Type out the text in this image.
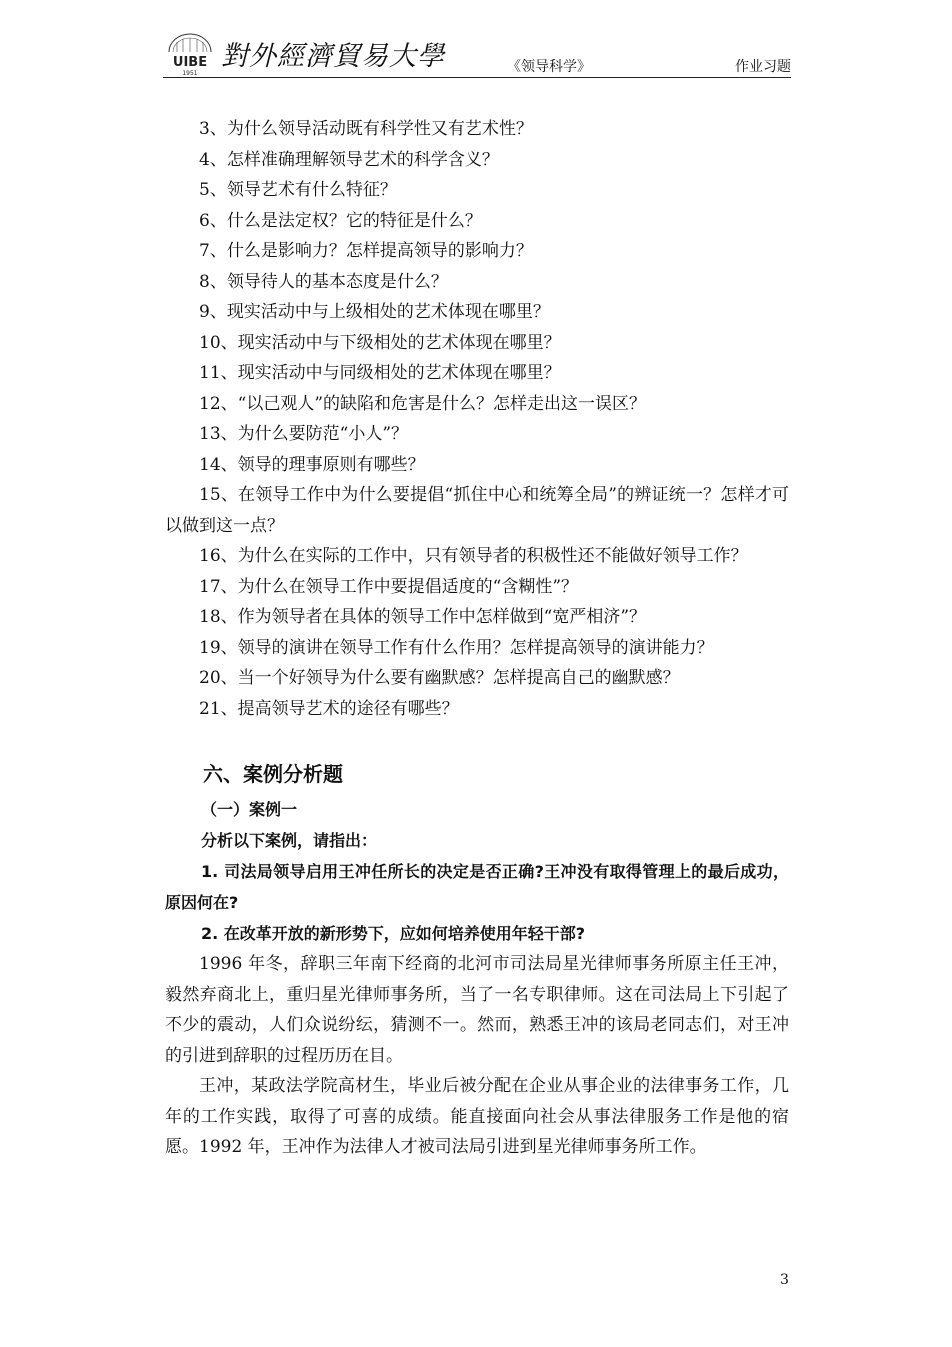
UIBE
1951
對外經濟貿易大學	《领导科学》	作业习题

3、为什么领导活动既有科学性又有艺术性？

4、怎样准确理解领导艺术的科学含义？

5、领导艺术有什么特征？

6、什么是法定权？它的特征是什么？

7、什么是影响力？怎样提高领导的影响力？

8、领导待人的基本态度是什么？

9、现实活动中与上级相处的艺术体现在哪里？

10、现实活动中与下级相处的艺术体现在哪里？

11、现实活动中与同级相处的艺术体现在哪里？

12、“以己观人”的缺陷和危害是什么？怎样走出这一误区？

13、为什么要防范“小人”？

14、领导的理事原则有哪些？

15、在领导工作中为什么要提倡“抓住中心和统筹全局”的辨证统一？怎样才可以做到这一点？

16、为什么在实际的工作中，只有领导者的积极性还不能做好领导工作？

17、为什么在领导工作中要提倡适度的“含糊性”？

18、作为领导者在具体的领导工作中怎样做到“宽严相济”？

19、领导的演讲在领导工作有什么作用？怎样提高领导的演讲能力？

20、当一个好领导为什么要有幽默感？怎样提高自己的幽默感？

21、提高领导艺术的途径有哪些？

六、案例分析题

（一）案例一

分析以下案例，请指出：

1. 司法局领导启用王冲任所长的决定是否正确?王冲没有取得管理上的最后成功，原因何在?

2. 在改革开放的新形势下，应如何培养使用年轻干部?

1996 年冬，辞职三年南下经商的北河市司法局星光律师事务所原主任王冲，毅然弃商北上，重归星光律师事务所，当了一名专职律师。这在司法局上下引起了不少的震动，人们众说纷纭，猜测不一。然而，熟悉王冲的该局老同志们，对王冲的引进到辞职的过程历历在目。

王冲，某政法学院高材生，毕业后被分配在企业从事企业的法律事务工作，几年的工作实践，取得了可喜的成绩。能直接面向社会从事法律服务工作是他的宿愿。1992 年，王冲作为法律人才被司法局引进到星光律师事务所工作。

3
